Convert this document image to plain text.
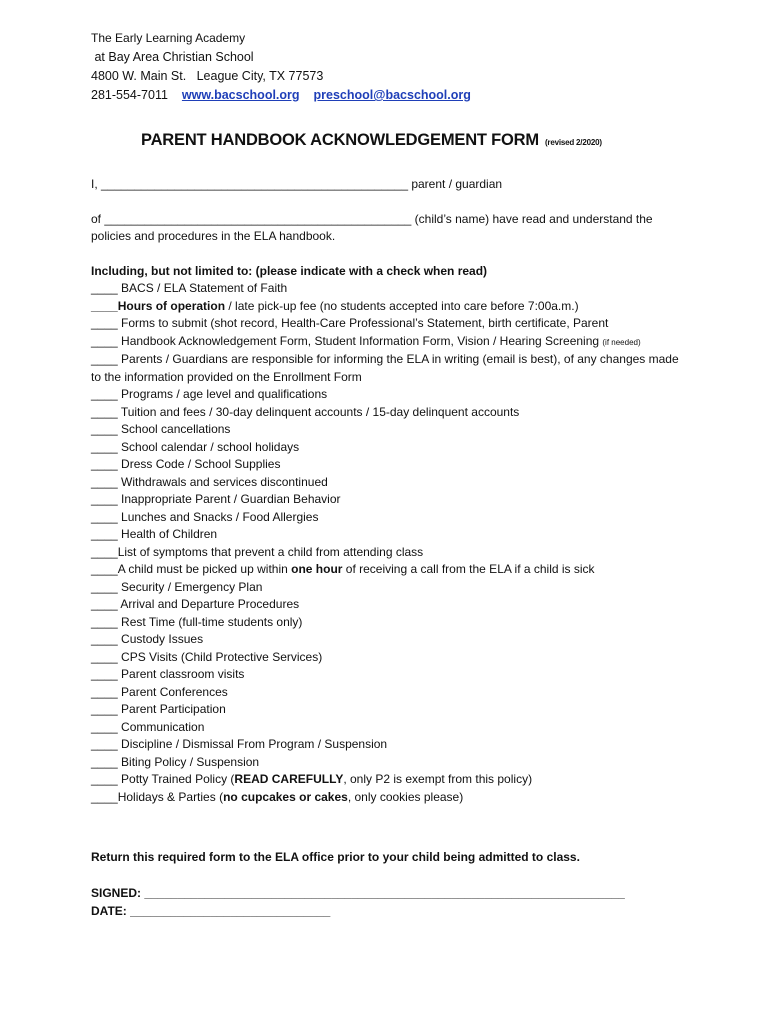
The Early Learning Academy
at Bay Area Christian School
4800 W. Main St.   League City, TX 77573
281-554-7011 www.bacschool.org preschool@bacschool.org
PARENT HANDBOOK ACKNOWLEDGEMENT FORM (revised 2/2020)
I, ______________________________________________ parent / guardian
of ______________________________________________ (child’s name) have read and understand the policies and procedures in the ELA handbook.
Including, but not limited to: (please indicate with a check when read)
____ BACS / ELA Statement of Faith
____Hours of operation / late pick-up fee (no students accepted into care before 7:00a.m.)
____ Forms to submit (shot record, Health-Care Professional’s Statement, birth certificate, Parent
____ Handbook Acknowledgement Form, Student Information Form, Vision / Hearing Screening (if needed)
____ Parents / Guardians are responsible for informing the ELA in writing (email is best), of any changes made to the information provided on the Enrollment Form
____ Programs / age level and qualifications
____ Tuition and fees / 30-day delinquent accounts / 15-day delinquent accounts
____ School cancellations
____ School calendar / school holidays
____ Dress Code / School Supplies
____ Withdrawals and services discontinued
____ Inappropriate Parent / Guardian Behavior
____ Lunches and Snacks / Food Allergies
____ Health of Children
____List of symptoms that prevent a child from attending class
____A child must be picked up within one hour of receiving a call from the ELA if a child is sick
____ Security / Emergency Plan
____ Arrival and Departure Procedures
____ Rest Time (full-time students only)
____ Custody Issues
____ CPS Visits (Child Protective Services)
____ Parent classroom visits
____ Parent Conferences
____ Parent Participation
____ Communication
____ Discipline / Dismissal From Program / Suspension
____ Biting Policy / Suspension
____ Potty Trained Policy (READ CAREFULLY, only P2 is exempt from this policy)
____Holidays & Parties (no cupcakes or cakes, only cookies please)
Return this required form to the ELA office prior to your child being admitted to class.
SIGNED: ________________________________________________________________________
DATE: ______________________________
